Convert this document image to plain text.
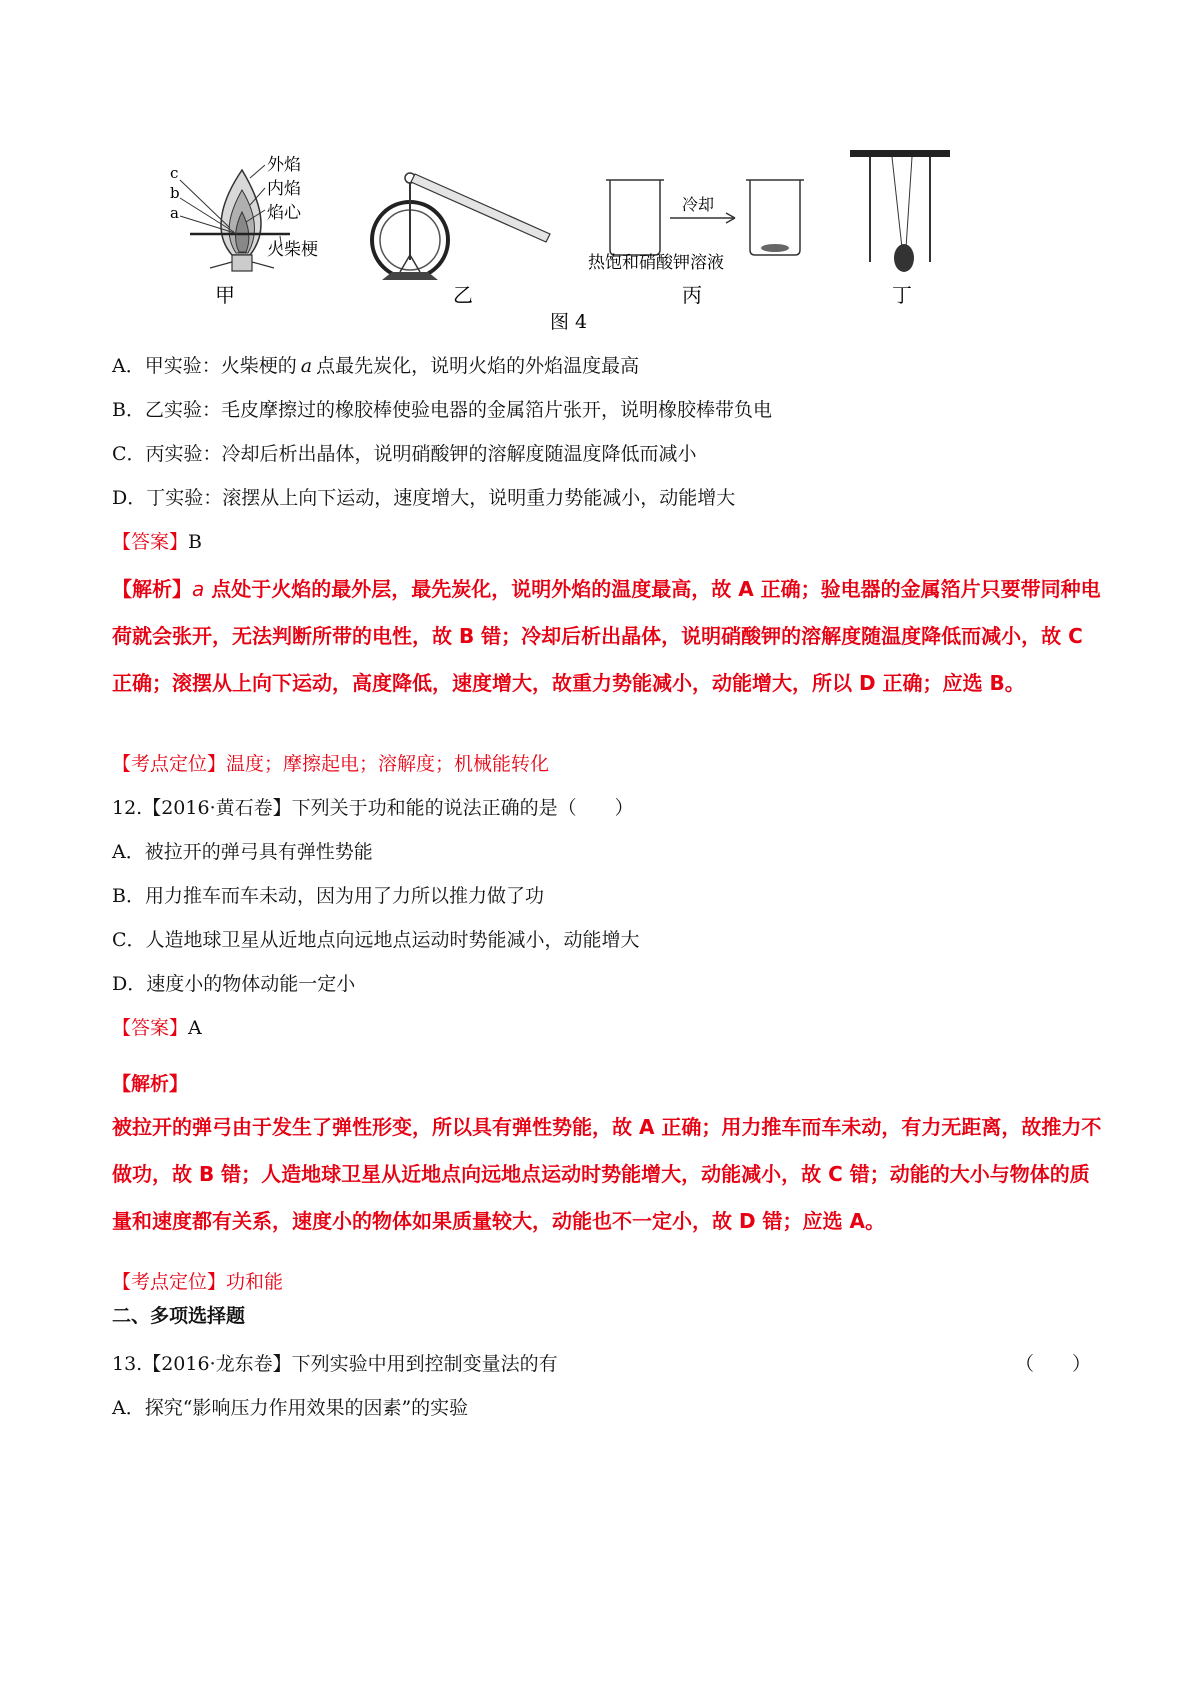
c
b
a
外焰
内焰
焰心
火柴梗
甲	乙
冷却
热饱和硝酸钾溶液
丙
图 4
丁
A．甲实验：火柴梗的 a 点最先炭化，说明火焰的外焰温度最高
B．乙实验：毛皮摩擦过的橡胶棒使验电器的金属箔片张开，说明橡胶棒带负电
C．丙实验：冷却后析出晶体，说明硝酸钾的溶解度随温度降低而减小
D．丁实验：滚摆从上向下运动，速度增大，说明重力势能减小，动能增大
【答案】B
【解析】a 点处于火焰的最外层，最先炭化，说明外焰的温度最高，故 A 正确；验电器的金属箔片只要带同种电荷就会张开，无法判断所带的电性，故 B 错；冷却后析出晶体，说明硝酸钾的溶解度随温度降低而减小，故 C 正确；滚摆从上向下运动，高度降低，速度增大，故重力势能减小，动能增大，所以 D 正确；应选 B。
【考点定位】温度；摩擦起电；溶解度；机械能转化
12.【2016·黄石卷】下列关于功和能的说法正确的是（　　）
A．被拉开的弹弓具有弹性势能
B．用力推车而车未动，因为用了力所以推力做了功
C．人造地球卫星从近地点向远地点运动时势能减小，动能增大
D．速度小的物体动能一定小
【答案】A
【解析】
被拉开的弹弓由于发生了弹性形变，所以具有弹性势能，故 A 正确；用力推车而车未动，有力无距离，故推力不做功，故 B 错；人造地球卫星从近地点向远地点运动时势能增大，动能减小，故 C 错；动能的大小与物体的质量和速度都有关系，速度小的物体如果质量较大，动能也不一定小，故 D 错；应选 A。
【考点定位】功和能
二、多项选择题
13.【2016·龙东卷】下列实验中用到控制变量法的有	（　　）
A．探究“影响压力作用效果的因素”的实验
